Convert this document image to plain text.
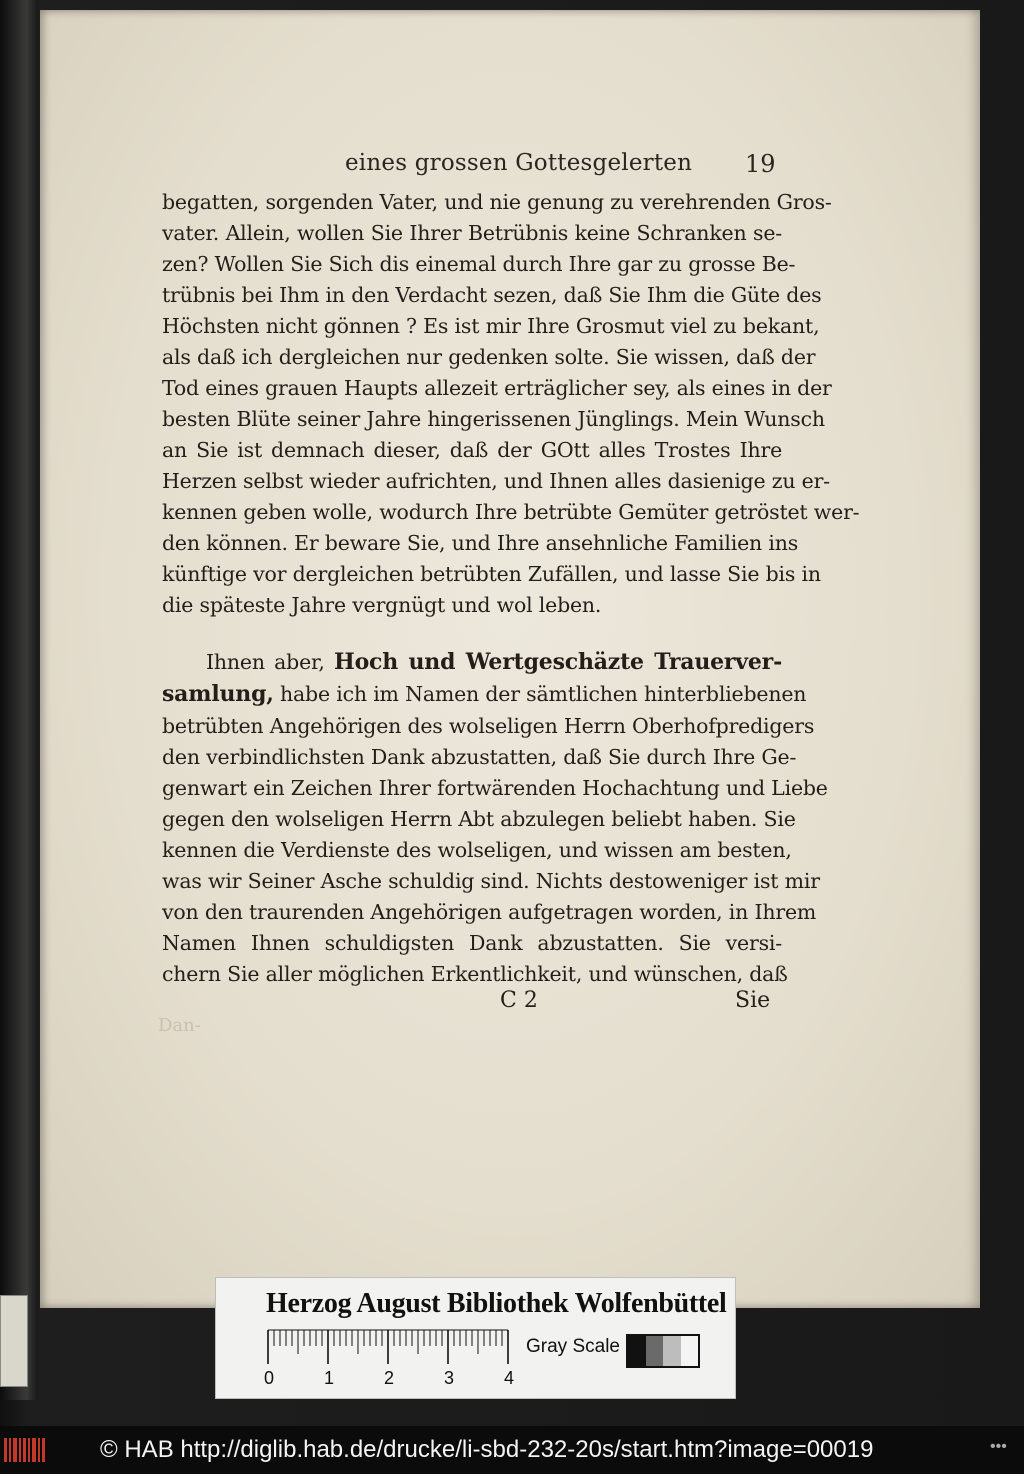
eines grossen Gottesgelerten 19
begatten, sorgenden Vater, und nie genung zu verehrenden Gros-
vater. Allein, wollen Sie Ihrer Betrübnis keine Schranken se-
zen? Wollen Sie Sich dis einemal durch Ihre gar zu grosse Be-
trübnis bei Ihm in den Verdacht sezen, daß Sie Ihm die Güte des
Höchsten nicht gönnen ? Es ist mir Ihre Grosmut viel zu bekant,
als daß ich dergleichen nur gedenken solte. Sie wissen, daß der
Tod eines grauen Haupts allezeit erträglicher sey, als eines in der
besten Blüte seiner Jahre hingerissenen Jünglings. Mein Wunsch
an Sie ist demnach dieser, daß der GOtt alles Trostes Ihre
Herzen selbst wieder aufrichten, und Ihnen alles dasienige zu er-
kennen geben wolle, wodurch Ihre betrübte Gemüter getröstet wer-
den können. Er beware Sie, und Ihre ansehnliche Familien ins
künftige vor dergleichen betrübten Zufällen, und lasse Sie bis in
die späteste Jahre vergnügt und wol leben.
Ihnen aber, Hoch und Wertgeschäzte Trauerver-
samlung, habe ich im Namen der sämtlichen hinterbliebenen
betrübten Angehörigen des wolseligen Herrn Oberhofpredigers
den verbindlichsten Dank abzustatten, daß Sie durch Ihre Ge-
genwart ein Zeichen Ihrer fortwärenden Hochachtung und Liebe
gegen den wolseligen Herrn Abt abzulegen beliebt haben. Sie
kennen die Verdienste des wolseligen, und wissen am besten,
was wir Seiner Asche schuldig sind. Nichts destoweniger ist mir
von den traurenden Angehörigen aufgetragen worden, in Ihrem
Namen Ihnen schuldigsten Dank abzustatten. Sie versi-
chern Sie aller möglichen Erkentlichkeit, und wünschen, daß
C 2	Sie
Dan-
Herzog August Bibliothek Wolfenbüttel
0	1	2	3	4
Gray Scale
© HAB http://diglib.hab.de/drucke/li-sbd-232-20s/start.htm?image=00019	•••
